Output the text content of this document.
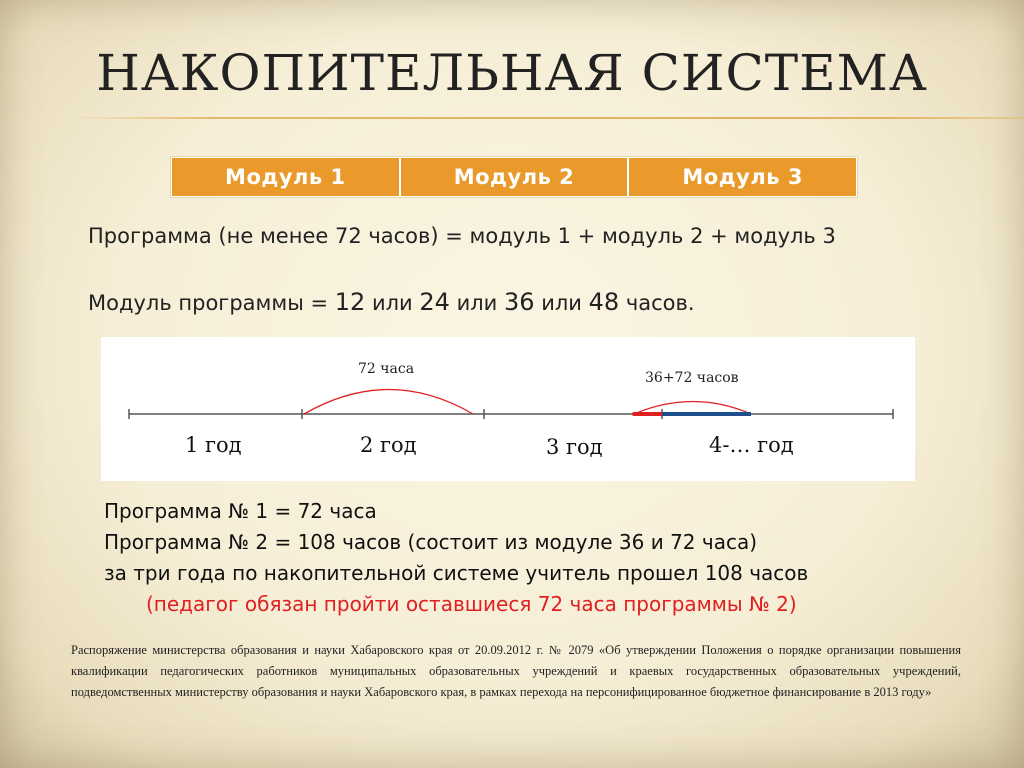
НАКОПИТЕЛЬНАЯ СИСТЕМА
Модуль 1	Модуль 2	Модуль 3
Программа (не менее 72 часов) = модуль 1 + модуль 2 + модуль 3
Модуль программы = 12 или 24 или 36 или 48 часов.
72 часа
36+72 часов
1 год	2 год	3 год	4-… год
Программа № 1 = 72 часа
Программа № 2 = 108 часов (состоит из модуле 36 и 72 часа)
за три года по накопительной системе учитель прошел 108 часов
(педагог обязан пройти оставшиеся 72 часа программы № 2)
Распоряжение министерства образования и науки Хабаровского края от 20.09.2012 г. № 2079 «Об утверждении Положения о порядке организации повышения квалификации педагогических работников муниципальных образовательных учреждений и краевых государственных образовательных учреждений, подведомственных министерству образования и науки Хабаровского края, в рамках перехода на персонифицированное бюджетное финансирование в 2013 году»
